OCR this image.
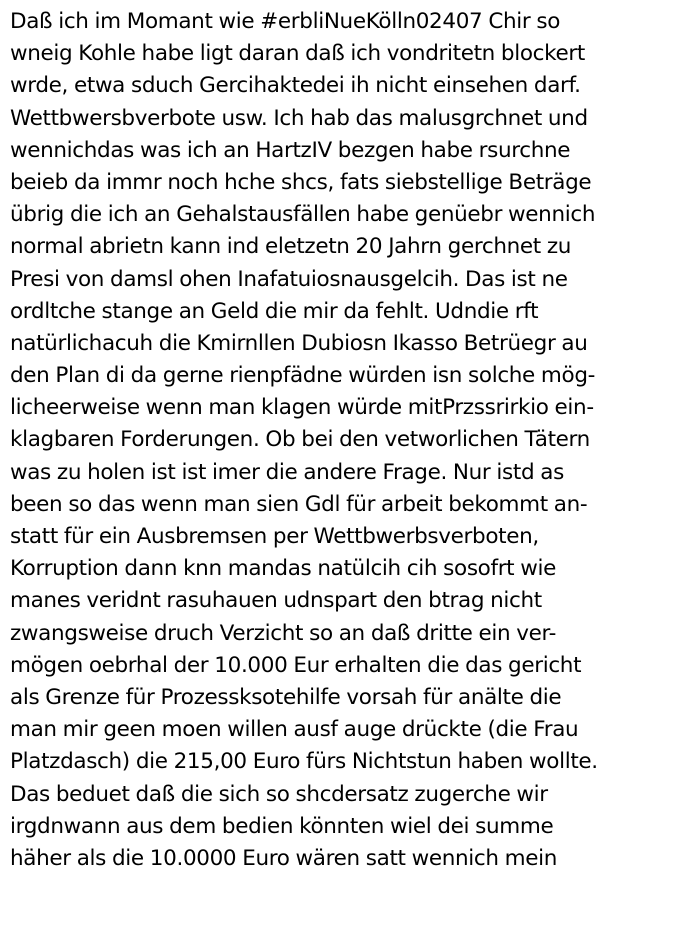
Daß ich im Momant wie #erbliNueKölln02407 Chir so
wneig Kohle habe ligt daran daß ich vondritetn blockert
wrde, etwa sduch Gercihaktedei ih nicht einsehen darf.
Wettbwersbverbote usw. Ich hab das malusgrchnet und
wennichdas was ich an HartzIV bezgen habe rsurchne
beieb da immr noch hche shcs, fats siebstellige Beträge
übrig die ich an Gehalstausfällen habe genüebr wennich
normal abrietn kann ind eletzetn 20 Jahrn gerchnet zu
Presi von damsl ohen Inafatuiosnausgelcih. Das ist ne
ordltche stange an Geld die mir da fehlt. Udndie rft
natürlichacuh die Kmirnllen Dubiosn Ikasso Betrüegr au
den Plan di da gerne rienpfädne würden isn solche mög-
licheerweise wenn man klagen würde mitPrzssrirkio ein-
klagbaren Forderungen. Ob bei den vetworlichen Tätern
was zu holen ist ist imer die andere Frage. Nur istd as
been so das wenn man sien Gdl für arbeit bekommt an-
statt für ein Ausbremsen per Wettbwerbsverboten,
Korruption dann knn mandas natülcih cih sosofrt wie
manes veridnt rasuhauen udnspart den btrag nicht
zwangsweise druch Verzicht so an daß dritte ein ver-
mögen oebrhal der 10.000 Eur erhalten die das gericht
als Grenze für Prozessksotehilfe vorsah für anälte die
man mir geen moen willen ausf auge drückte (die Frau
Platzdasch) die 215,00 Euro fürs Nichtstun haben wollte.
Das beduet daß die sich so shcdersatz zugerche wir
irgdnwann aus dem bedien könnten wiel dei summe
häher als die 10.0000 Euro wären satt wennich mein
